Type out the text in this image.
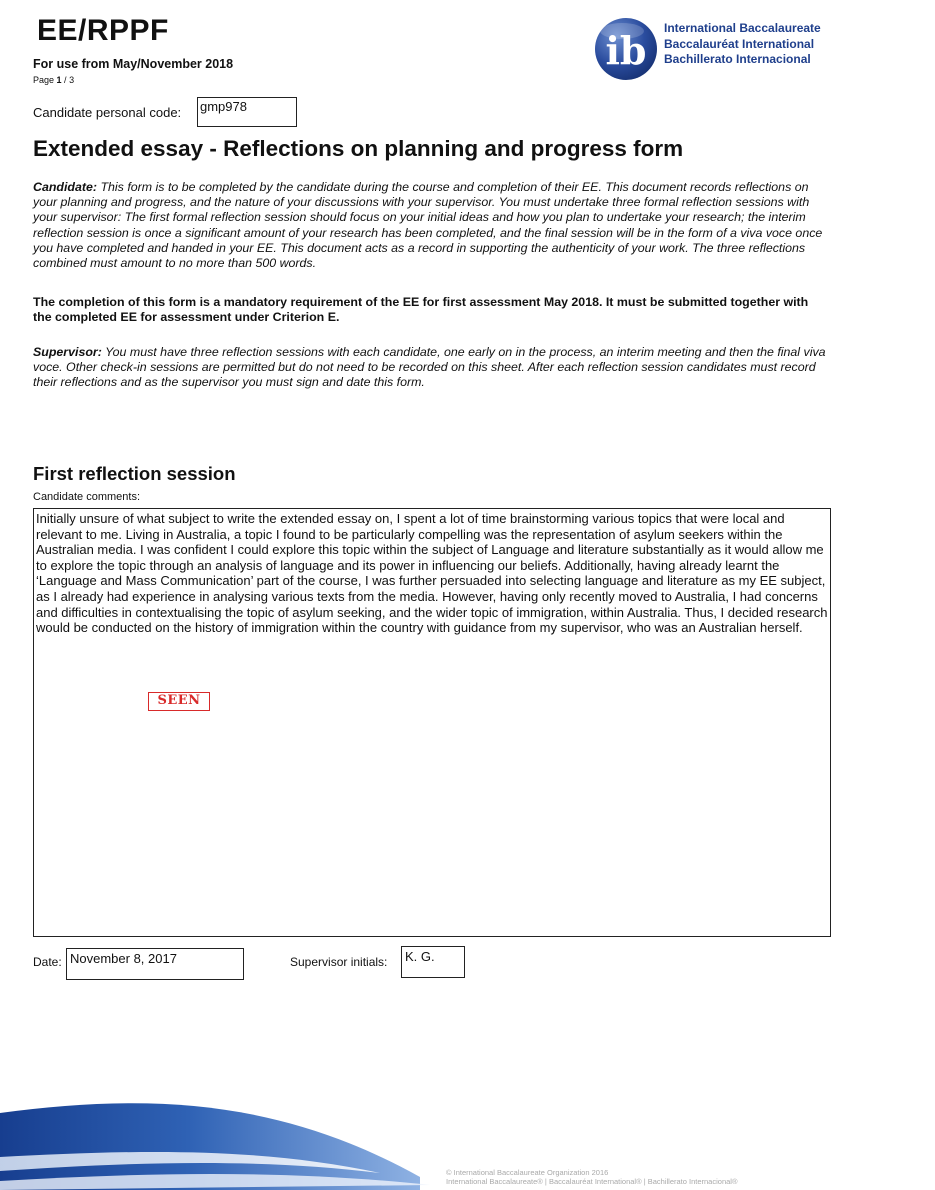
EE/RPPF
For use from May/November 2018
Page 1 / 3
ib International Baccalaureate
Baccalauréat International
Bachillerato Internacional
Candidate personal code: gmp978
Extended essay - Reflections on planning and progress form

Candidate: This form is to be completed by the candidate during the course and completion of their EE. This document records reflections on your planning and progress, and the nature of your discussions with your supervisor. You must undertake three formal reflection sessions with your supervisor: The first formal reflection session should focus on your initial ideas and how you plan to undertake your research; the interim reflection session is once a significant amount of your research has been completed, and the final session will be in the form of a viva voce once you have completed and handed in your EE. This document acts as a record in supporting the authenticity of your work. The three reflections combined must amount to no more than 500 words.

The completion of this form is a mandatory requirement of the EE for first assessment May 2018. It must be submitted together with the completed EE for assessment under Criterion E.

Supervisor: You must have three reflection sessions with each candidate, one early on in the process, an interim meeting and then the final viva voce. Other check-in sessions are permitted but do not need to be recorded on this sheet. After each reflection session candidates must record their reflections and as the supervisor you must sign and date this form.

First reflection session
Candidate comments:

Initially unsure of what subject to write the extended essay on, I spent a lot of time brainstorming various topics that were local and relevant to me. Living in Australia, a topic I found to be particularly compelling was the representation of asylum seekers within the Australian media. I was confident I could explore this topic within the subject of Language and literature substantially as it would allow me to explore the topic through an analysis of language and its power in influencing our beliefs. Additionally, having already learnt the ‘Language and Mass Communication’ part of the course, I was further persuaded into selecting language and literature as my EE subject, as I already had experience in analysing various texts from the media. However, having only recently moved to Australia, I had concerns and difficulties in contextualising the topic of asylum seeking, and the wider topic of immigration, within Australia. Thus, I decided research would be conducted on the history of immigration within the country with guidance from my supervisor, who was an Australian herself.

SEEN
Date: November 8, 2017	Supervisor initials: K. G.
© International Baccalaureate Organization 2016
International Baccalaureate® | Baccalauréat International® | Bachillerato Internacional®
